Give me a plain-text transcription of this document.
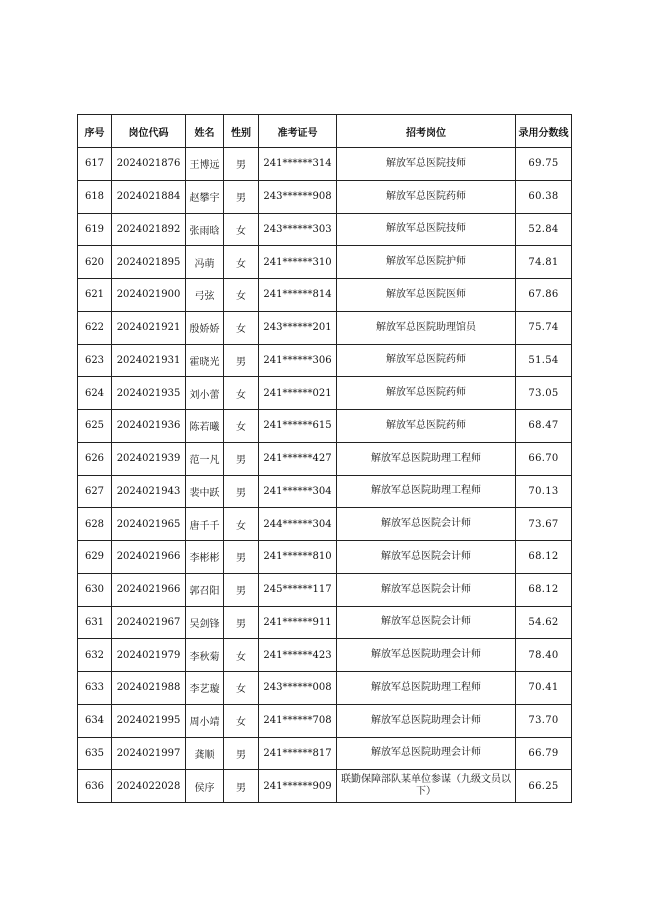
序号	岗位代码	姓名	性别	准考证号	招考岗位	录用分数线
617	2024021876	王博远	男	241******314	解放军总医院技师	69.75
618	2024021884	赵攀宇	男	243******908	解放军总医院药师	60.38
619	2024021892	张雨晗	女	243******303	解放军总医院技师	52.84
620	2024021895	冯萌	女	241******310	解放军总医院护师	74.81
621	2024021900	弓弦	女	241******814	解放军总医院医师	67.86
622	2024021921	殷娇娇	女	243******201	解放军总医院助理馆员	75.74
623	2024021931	霍晓光	男	241******306	解放军总医院药师	51.54
624	2024021935	刘小蕾	女	241******021	解放军总医院药师	73.05
625	2024021936	陈若曦	女	241******615	解放军总医院药师	68.47
626	2024021939	范一凡	男	241******427	解放军总医院助理工程师	66.70
627	2024021943	裴中跃	男	241******304	解放军总医院助理工程师	70.13
628	2024021965	唐千千	女	244******304	解放军总医院会计师	73.67
629	2024021966	李彬彬	男	241******810	解放军总医院会计师	68.12
630	2024021966	郭召阳	男	245******117	解放军总医院会计师	68.12
631	2024021967	吴剑锋	男	241******911	解放军总医院会计师	54.62
632	2024021979	李秋菊	女	241******423	解放军总医院助理会计师	78.40
633	2024021988	李艺璇	女	243******008	解放军总医院助理工程师	70.41
634	2024021995	周小靖	女	241******708	解放军总医院助理会计师	73.70
635	2024021997	龚顺	男	241******817	解放军总医院助理会计师	66.79
636	2024022028	侯序	男	241******909	联勤保障部队某单位参谋（九级文员以下）	66.25
